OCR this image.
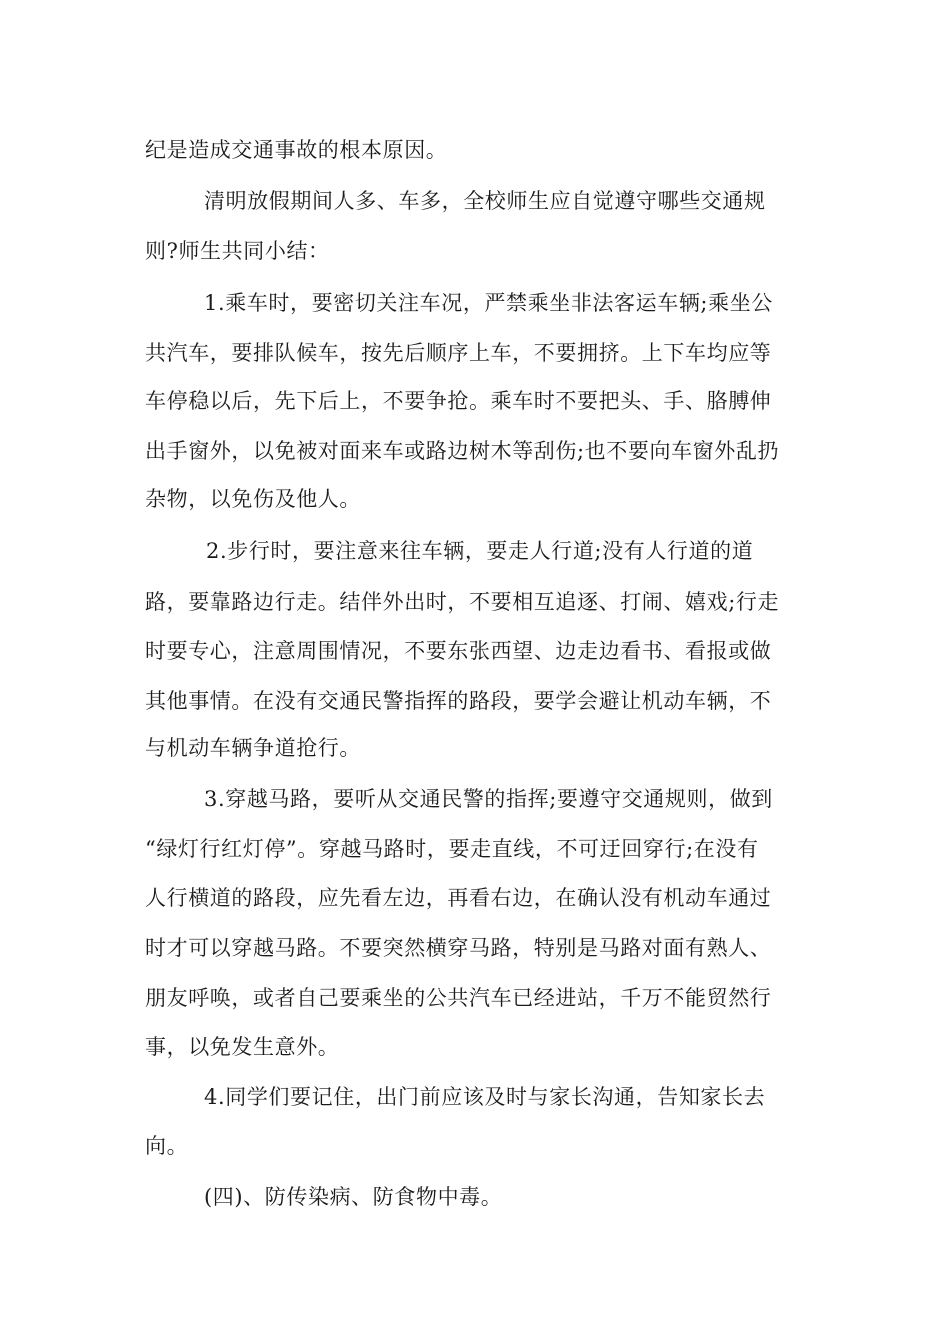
纪是造成交通事故的根本原因。

清明放假期间人多、车多，全校师生应自觉遵守哪些交通规

则?师生共同小结：

1.乘车时，要密切关注车况，严禁乘坐非法客运车辆;乘坐公

共汽车，要排队候车，按先后顺序上车，不要拥挤。上下车均应等

车停稳以后，先下后上，不要争抢。乘车时不要把头、手、胳膊伸

出手窗外，以免被对面来车或路边树木等刮伤;也不要向车窗外乱扔

杂物，以免伤及他人。

2.步行时，要注意来往车辆，要走人行道;没有人行道的道

路，要靠路边行走。结伴外出时，不要相互追逐、打闹、嬉戏;行走

时要专心，注意周围情况，不要东张西望、边走边看书、看报或做

其他事情。在没有交通民警指挥的路段，要学会避让机动车辆，不

与机动车辆争道抢行。

3.穿越马路，要听从交通民警的指挥;要遵守交通规则，做到

“绿灯行红灯停”。穿越马路时，要走直线，不可迂回穿行;在没有

人行横道的路段，应先看左边，再看右边，在确认没有机动车通过

时才可以穿越马路。不要突然横穿马路，特别是马路对面有熟人、

朋友呼唤，或者自己要乘坐的公共汽车已经进站，千万不能贸然行

事，以免发生意外。

4.同学们要记住，出门前应该及时与家长沟通，告知家长去

向。

(四)、防传染病、防食物中毒。
